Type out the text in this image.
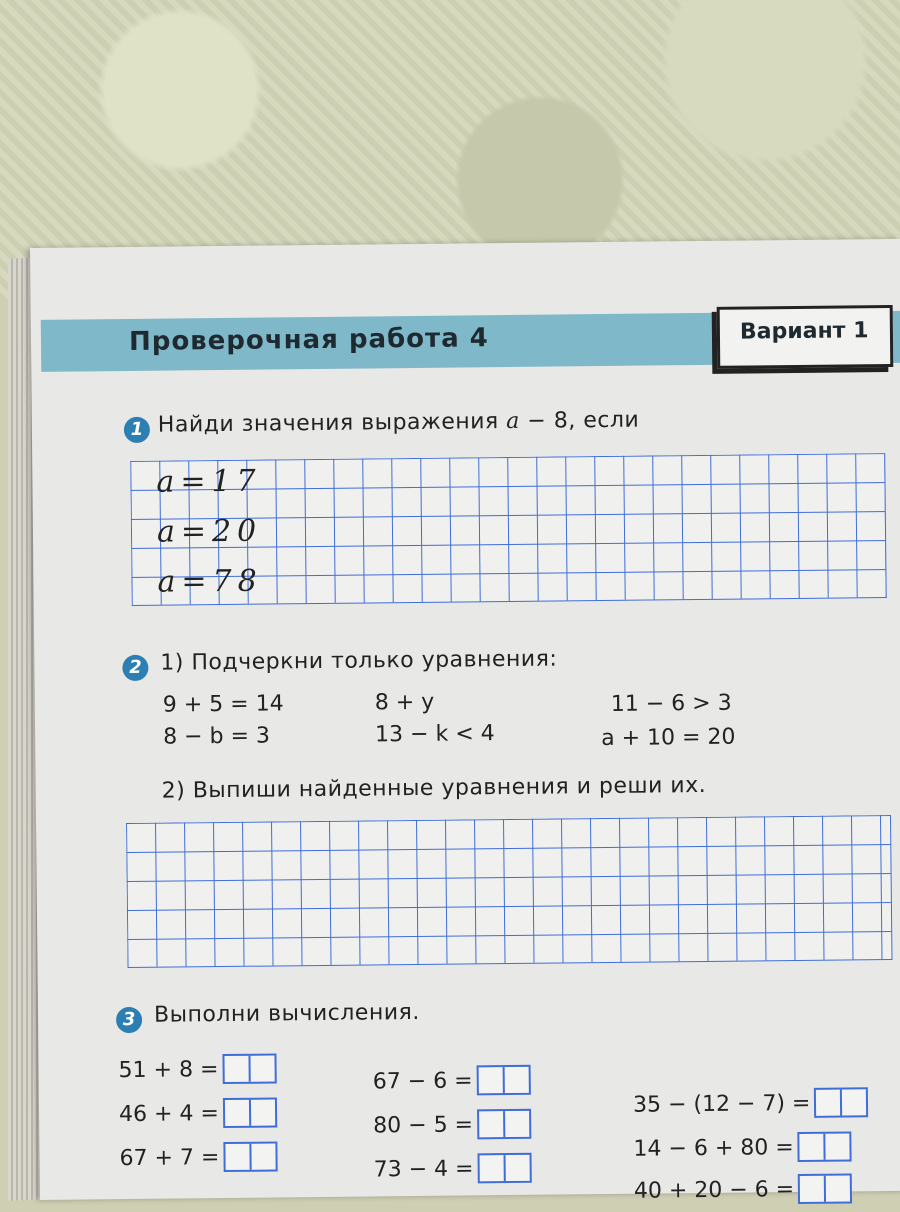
Проверочная работа 4	Вариант 1
1 Найди значения выражения a − 8, если
a=17
a=20
a=78
2 1) Подчеркни только уравнения:
9 + 5 = 14
8 − b = 3
8 + y
13 − k < 4
11 − 6 > 3
a + 10 = 20
2) Выпиши найденные уравнения и реши их.
3 Выполни вычисления.
51 + 8 =
46 + 4 =
67 + 7 =
67 − 6 =
80 − 5 =
73 − 4 =
35 − (12 − 7) =
14 − 6 + 80 =
40 + 20 − 6 =
